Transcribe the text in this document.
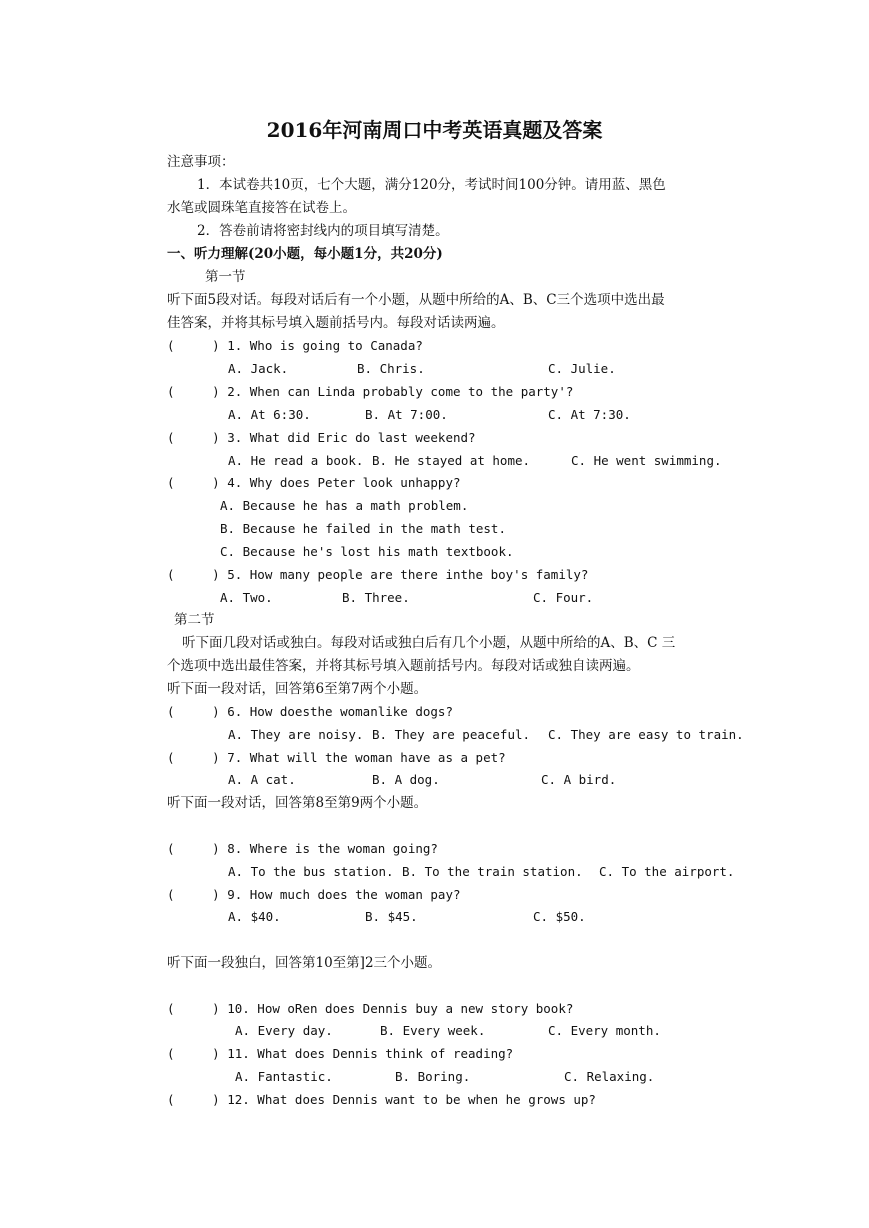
2016年河南周口中考英语真题及答案
注意事项：
1．本试卷共10页，七个大题，满分120分，考试时间100分钟。请用蓝、黑色
水笔或圆珠笔直接答在试卷上。
2．答卷前请将密封线内的项目填写清楚。
一、听力理解(20小题，每小题1分，共20分)
第一节
听下面5段对话。每段对话后有一个小题，从题中所给的A、B、C三个选项中选出最
佳答案，并将其标号填入题前括号内。每段对话读两遍。
(     ) 1. Who is going to Canada?
A. Jack.	B. Chris.	C. Julie.
(     ) 2. When can Linda probably come to the party'?
A. At 6:30.	B. At 7:00.	C. At 7:30.
(     ) 3. What did Eric do last weekend?
A. He read a book. B. He stayed at home.	C. He went swimming.
(     ) 4. Why does Peter look unhappy?
A. Because he has a math problem.
B. Because he failed in the math test.
C. Because he's lost his math textbook.
(     ) 5. How many people are there inthe boy's family?
A. Two.	B. Three.	C. Four.
第二节
听下面几段对话或独白。每段对话或独白后有几个小题，从题中所给的A、B、C 三
个选项中选出最佳答案，并将其标号填入题前括号内。每段对话或独自读两遍。
听下面一段对话，回答第6至第7两个小题。
(     ) 6. How doesthe womanlike dogs?
A. They are noisy. B. They are peaceful. C. They are easy to train.
(     ) 7. What will the woman have as a pet?
A. A cat.	B. A dog.	C. A bird.
听下面一段对话，回答第8至第9两个小题。
(     ) 8. Where is the woman going?
A. To the bus station. B. To the train station. C. To the airport.
(     ) 9. How much does the woman pay?
A. $40.	B. $45.	C. $50.
听下面一段独白，回答第10至第]2三个小题。
(     ) 10. How oRen does Dennis buy a new story book?
A. Every day.	B. Every week.	C. Every month.
(     ) 11. What does Dennis think of reading?
A. Fantastic.	B. Boring.	C. Relaxing.
(     ) 12. What does Dennis want to be when he grows up?
